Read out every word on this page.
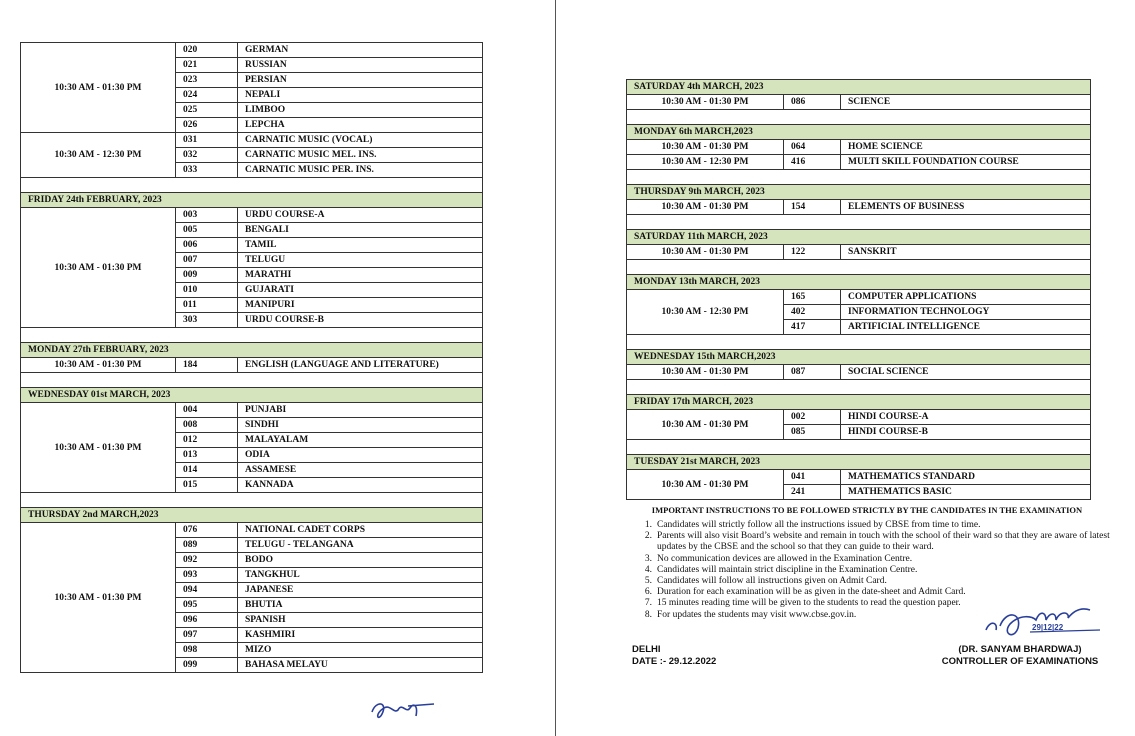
10:30 AM - 01:30 PM	020	GERMAN
	021	RUSSIAN
	023	PERSIAN
	024	NEPALI
	025	LIMBOO
	026	LEPCHA
10:30 AM - 12:30 PM	031	CARNATIC MUSIC (VOCAL)
	032	CARNATIC MUSIC MEL. INS.
	033	CARNATIC MUSIC PER. INS.

FRIDAY 24th FEBRUARY, 2023		
10:30 AM - 01:30 PM	003	URDU COURSE-A
	005	BENGALI
	006	TAMIL
	007	TELUGU
	009	MARATHI
	010	GUJARATI
	011	MANIPURI
	303	URDU COURSE-B

MONDAY 27th FEBRUARY, 2023		
10:30 AM - 01:30 PM	184	ENGLISH (LANGUAGE AND LITERATURE)

WEDNESDAY 01st MARCH, 2023		
10:30 AM - 01:30 PM	004	PUNJABI
	008	SINDHI
	012	MALAYALAM
	013	ODIA
	014	ASSAMESE
	015	KANNADA

THURSDAY 2nd MARCH,2023		
10:30 AM - 01:30 PM	076	NATIONAL CADET CORPS
	089	TELUGU - TELANGANA
	092	BODO
	093	TANGKHUL
	094	JAPANESE
	095	BHUTIA
	096	SPANISH
	097	KASHMIRI
	098	MIZO
	099	BAHASA MELAYU
SATURDAY 4th MARCH, 2023		
10:30 AM - 01:30 PM	086	SCIENCE

MONDAY 6th MARCH,2023		
10:30 AM - 01:30 PM	064	HOME SCIENCE
10:30 AM - 12:30 PM	416	MULTI SKILL FOUNDATION COURSE

THURSDAY 9th MARCH, 2023		
10:30 AM - 01:30 PM	154	ELEMENTS OF BUSINESS

SATURDAY 11th MARCH, 2023		
10:30 AM - 01:30 PM	122	SANSKRIT

MONDAY 13th MARCH, 2023		
10:30 AM - 12:30 PM	165	COMPUTER APPLICATIONS
	402	INFORMATION TECHNOLOGY
	417	ARTIFICIAL INTELLIGENCE

WEDNESDAY 15th MARCH,2023		
10:30 AM - 01:30 PM	087	SOCIAL SCIENCE

FRIDAY 17th MARCH, 2023		
10:30 AM - 01:30 PM	002	HINDI COURSE-A
	085	HINDI COURSE-B

TUESDAY 21st MARCH, 2023		
10:30 AM - 01:30 PM	041	MATHEMATICS STANDARD
	241	MATHEMATICS BASIC
IMPORTANT INSTRUCTIONS TO BE FOLLOWED STRICTLY BY THE CANDIDATES IN THE EXAMINATION
1. Candidates will strictly follow all the instructions issued by CBSE from time to time.
2. Parents will also visit Board’s website and remain in touch with the school of their ward so that they are aware of latest updates by the CBSE and the school so that they can guide to their ward.
3. No communication devices are allowed in the Examination Centre.
4. Candidates will maintain strict discipline in the Examination Centre.
5. Candidates will follow all instructions given on Admit Card.
6. Duration for each examination will be as given in the date-sheet and Admit Card.
7. 15 minutes reading time will be given to the students to read the question paper.
8. For updates the students may visit www.cbse.gov.in.
DELHI
DATE :- 29.12.2022
(DR. SANYAM BHARDWAJ)
CONTROLLER OF EXAMINATIONS
29|12|22
